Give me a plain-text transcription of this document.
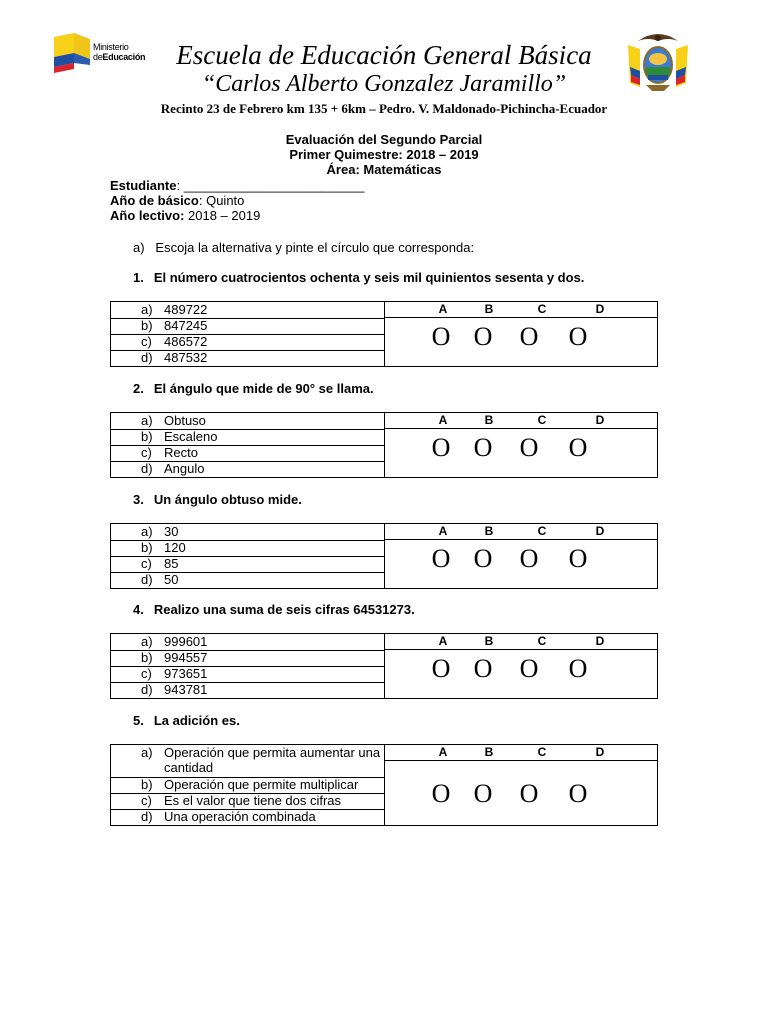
Ministerio
deEducación	Escuela de Educación General Básica
“Carlos Alberto Gonzalez Jaramillo”
Recinto 23 de Febrero km 135 + 6km – Pedro. V. Maldonado-Pichincha-Ecuador
Evaluación del Segundo Parcial
Primer Quimestre: 2018 – 2019
Área: Matemáticas
Estudiante: _________________________
Año de básico: Quinto
Año lectivo: 2018 – 2019
a)   Escoja la alternativa y pinte el círculo que corresponda:
1. El número cuatrocientos ochenta y seis mil quinientos sesenta y dos.
a) 489722
b) 847245
c) 486572
d) 487532
A
O
B
O
C
O
D
O
2. El ángulo que mide de 90° se llama.
a) Obtuso
b) Escaleno
c) Recto
d) Angulo
A
O
B
O
C
O
D
O
3. Un ángulo obtuso mide.
a) 30
b) 120
c) 85
d) 50
A
O
B
O
C
O
D
O
4. Realizo una suma de seis cifras 64531273.
a) 999601
b) 994557
c) 973651
d) 943781
A
O
B
O
C
O
D
O
5. La adición es.
a) Operación que permita aumentar una cantidad
b) Operación que permite multiplicar
c) Es el valor que tiene dos cifras
d) Una operación combinada
A
O
B
O
C
O
D
O
